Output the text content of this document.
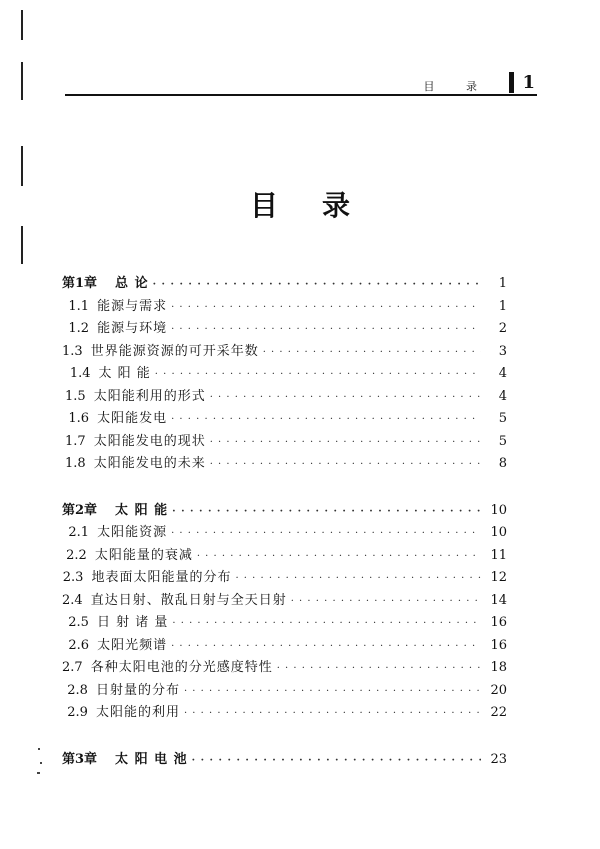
目 录	1
目录
第1章	总 论 · · ·	1
1.1 能源与需求 · · ·	1
1.2 能源与环境 · · ·	2
1.3 世界能源资源的可开采年数 · · ·	3
1.4 太 阳 能 · · ·	4
1.5 太阳能利用的形式 · · ·	4
1.6 太阳能发电 · · ·	5
1.7 太阳能发电的现状 · · ·	5
1.8 太阳能发电的未来 · · ·	8
第2章	太 阳 能 · · ·	10
2.1 太阳能资源 · · ·	10
2.2 太阳能量的衰减 · · ·	11
2.3 地表面太阳能量的分布 · · ·	12
2.4 直达日射、散乱日射与全天日射 · · ·	14
2.5 日 射 诸 量 · · ·	16
2.6 太阳光频谱 · · ·	16
2.7 各种太阳电池的分光感度特性 · · ·	18
2.8 日射量的分布 · · ·	20
2.9 太阳能的利用 · · ·	22
第3章	太 阳 电 池 · · ·	23
